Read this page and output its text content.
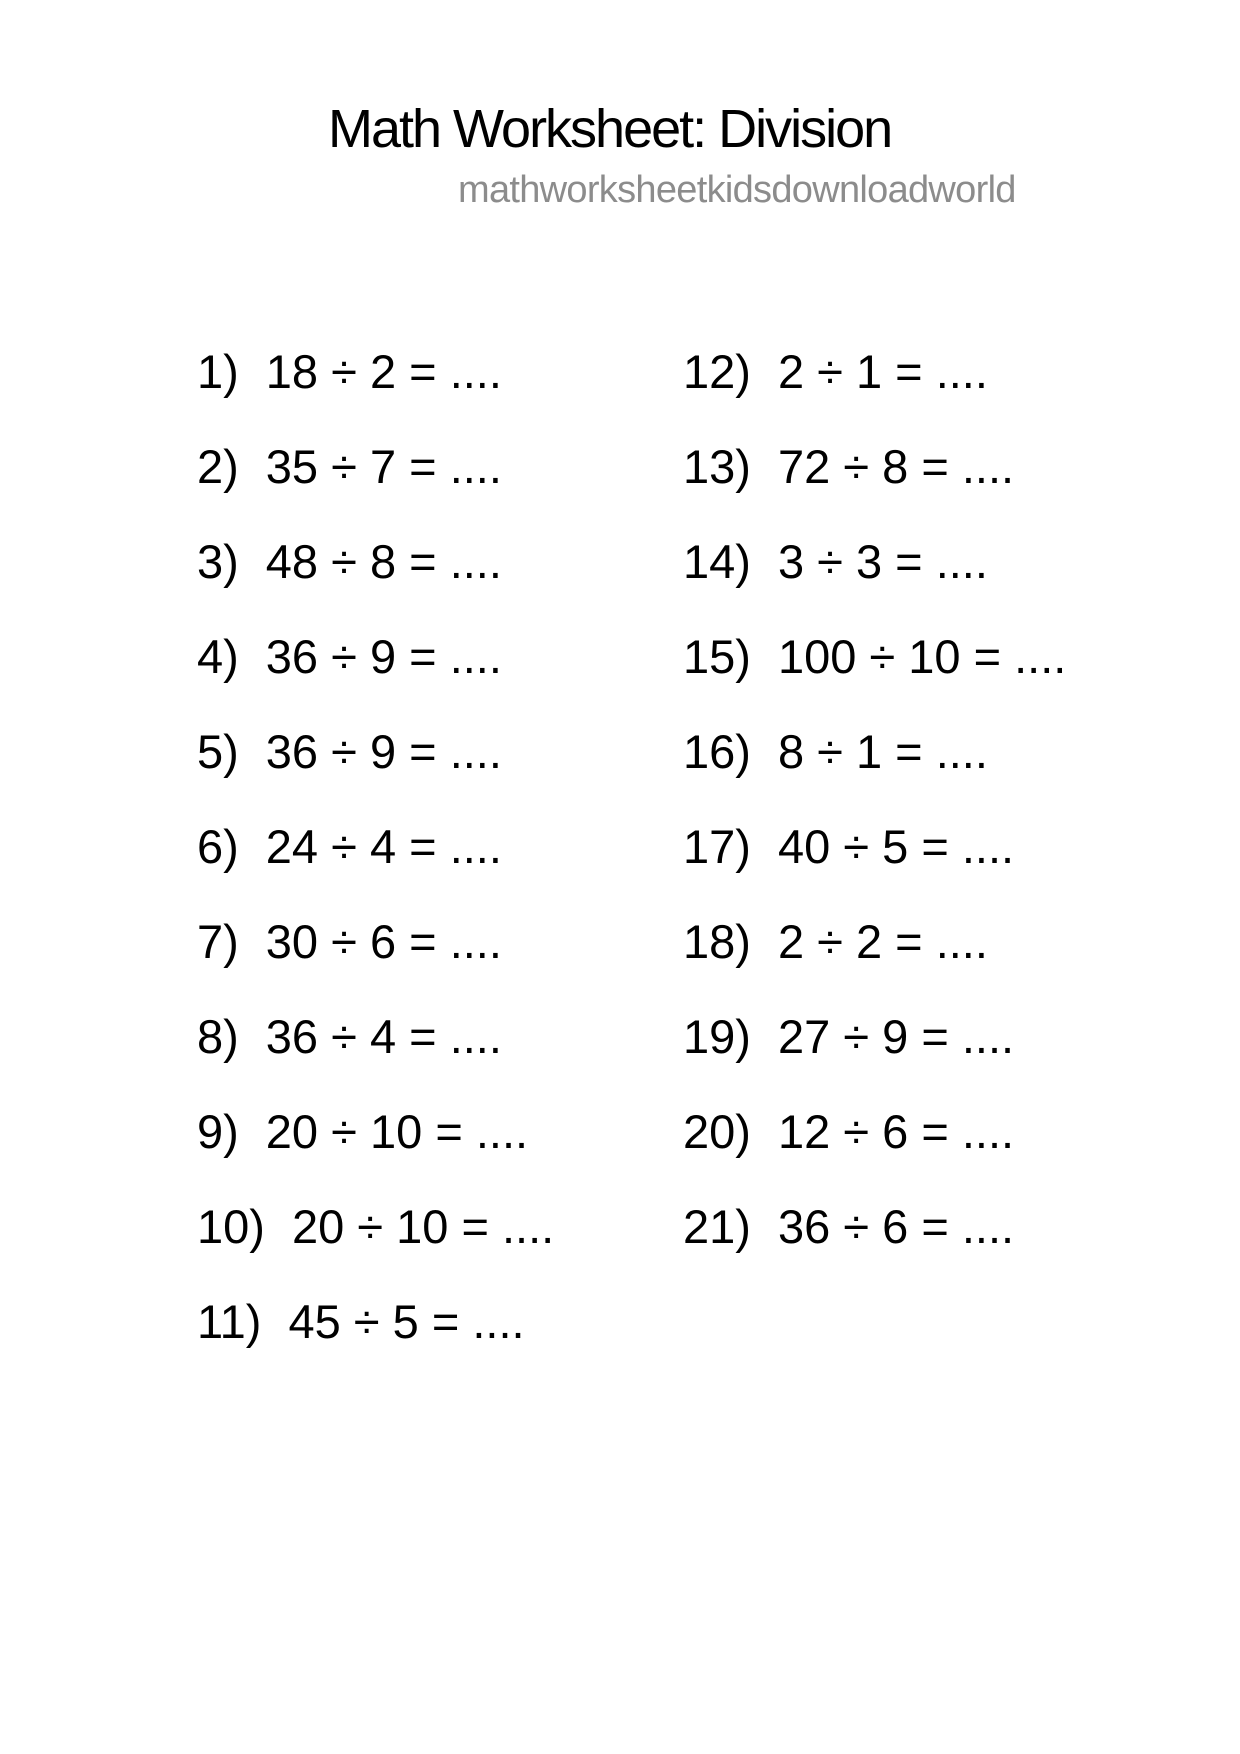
Math Worksheet: Division
mathworksheetkidsdownloadworld
1) 18 ÷ 2 = ....
2) 35 ÷ 7 = ....
3) 48 ÷ 8 = ....
4) 36 ÷ 9 = ....
5) 36 ÷ 9 = ....
6) 24 ÷ 4 = ....
7) 30 ÷ 6 = ....
8) 36 ÷ 4 = ....
9) 20 ÷ 10 = ....
10) 20 ÷ 10 = ....
11) 45 ÷ 5 = ....
12) 2 ÷ 1 = ....
13) 72 ÷ 8 = ....
14) 3 ÷ 3 = ....
15) 100 ÷ 10 = ....
16) 8 ÷ 1 = ....
17) 40 ÷ 5 = ....
18) 2 ÷ 2 = ....
19) 27 ÷ 9 = ....
20) 12 ÷ 6 = ....
21) 36 ÷ 6 = ....
